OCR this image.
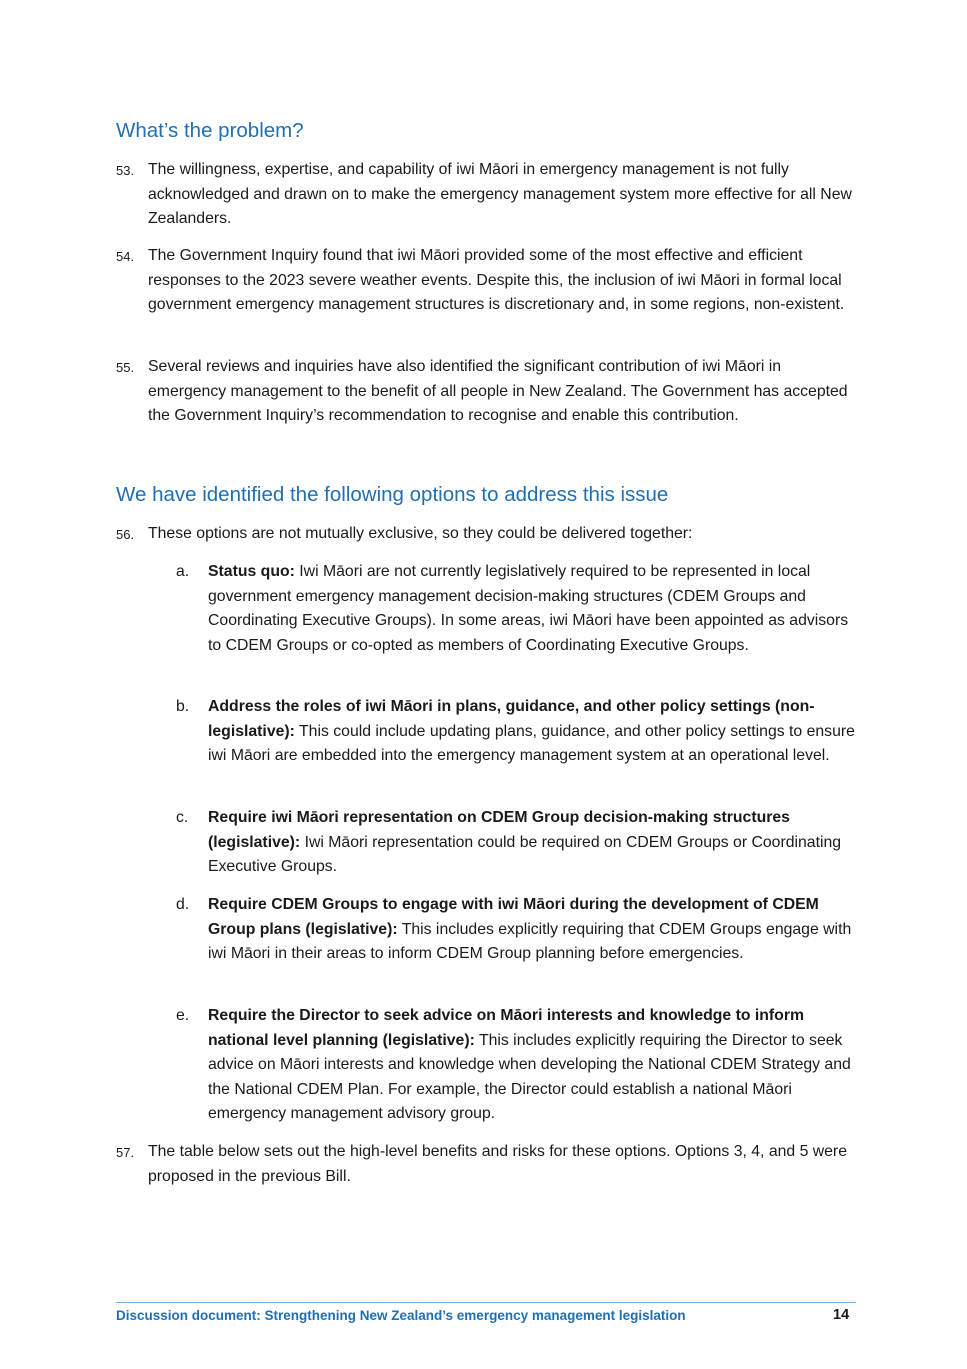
What’s the problem?
53. The willingness, expertise, and capability of iwi Māori in emergency management is not fully acknowledged and drawn on to make the emergency management system more effective for all New Zealanders.
54. The Government Inquiry found that iwi Māori provided some of the most effective and efficient responses to the 2023 severe weather events. Despite this, the inclusion of iwi Māori in formal local government emergency management structures is discretionary and, in some regions, non-existent.
55. Several reviews and inquiries have also identified the significant contribution of iwi Māori in emergency management to the benefit of all people in New Zealand. The Government has accepted the Government Inquiry’s recommendation to recognise and enable this contribution.
We have identified the following options to address this issue
56. These options are not mutually exclusive, so they could be delivered together:
a.	Status quo: Iwi Māori are not currently legislatively required to be represented in local government emergency management decision-making structures (CDEM Groups and Coordinating Executive Groups). In some areas, iwi Māori have been appointed as advisors to CDEM Groups or co-opted as members of Coordinating Executive Groups.
b.	Address the roles of iwi Māori in plans, guidance, and other policy settings (non-legislative): This could include updating plans, guidance, and other policy settings to ensure iwi Māori are embedded into the emergency management system at an operational level.
c.	Require iwi Māori representation on CDEM Group decision-making structures (legislative): Iwi Māori representation could be required on CDEM Groups or Coordinating Executive Groups.
d.	Require CDEM Groups to engage with iwi Māori during the development of CDEM Group plans (legislative): This includes explicitly requiring that CDEM Groups engage with iwi Māori in their areas to inform CDEM Group planning before emergencies.
e.	Require the Director to seek advice on Māori interests and knowledge to inform national level planning (legislative): This includes explicitly requiring the Director to seek advice on Māori interests and knowledge when developing the National CDEM Strategy and the National CDEM Plan. For example, the Director could establish a national Māori emergency management advisory group.
57. The table below sets out the high-level benefits and risks for these options. Options 3, 4, and 5 were proposed in the previous Bill.
Discussion document: Strengthening New Zealand’s emergency management legislation	14
